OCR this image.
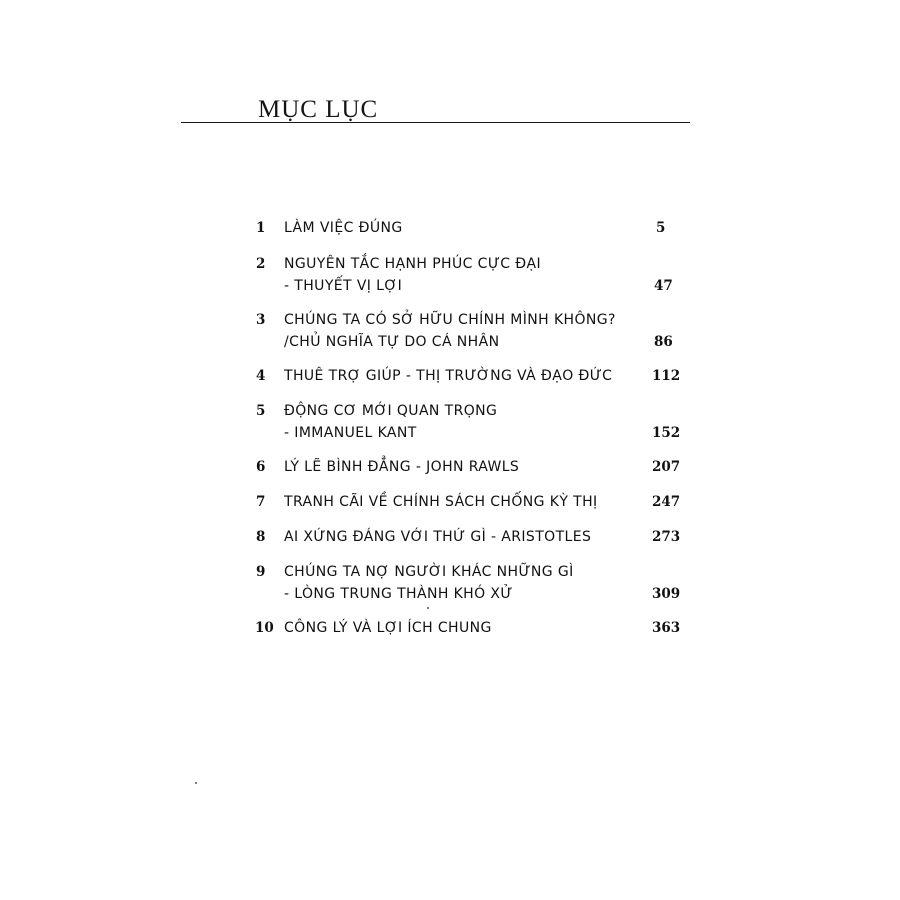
MỤC LỤC
1	LÀM VIỆC ĐÚNG	5
2	NGUYÊN TẮC HẠNH PHÚC CỰC ĐẠI
- THUYẾT VỊ LỢI	47
3	CHÚNG TA CÓ SỞ HỮU CHÍNH MÌNH KHÔNG?
/CHỦ NGHĨA TỰ DO CÁ NHÂN	86
4	THUÊ TRỢ GIÚP - THỊ TRƯỜNG VÀ ĐẠO ĐỨC	112
5	ĐỘNG CƠ MỚI QUAN TRỌNG
- IMMANUEL KANT	152
6	LÝ LẼ BÌNH ĐẲNG - JOHN RAWLS	207
7	TRANH CÃI VỀ CHÍNH SÁCH CHỐNG KỲ THỊ	247
8	AI XỨNG ĐÁNG VỚI THỨ GÌ - ARISTOTLES	273
9	CHÚNG TA NỢ NGƯỜI KHÁC NHỮNG GÌ
- LÒNG TRUNG THÀNH KHÓ XỬ	309
10 CÔNG LÝ VÀ LỢI ÍCH CHUNG	363
